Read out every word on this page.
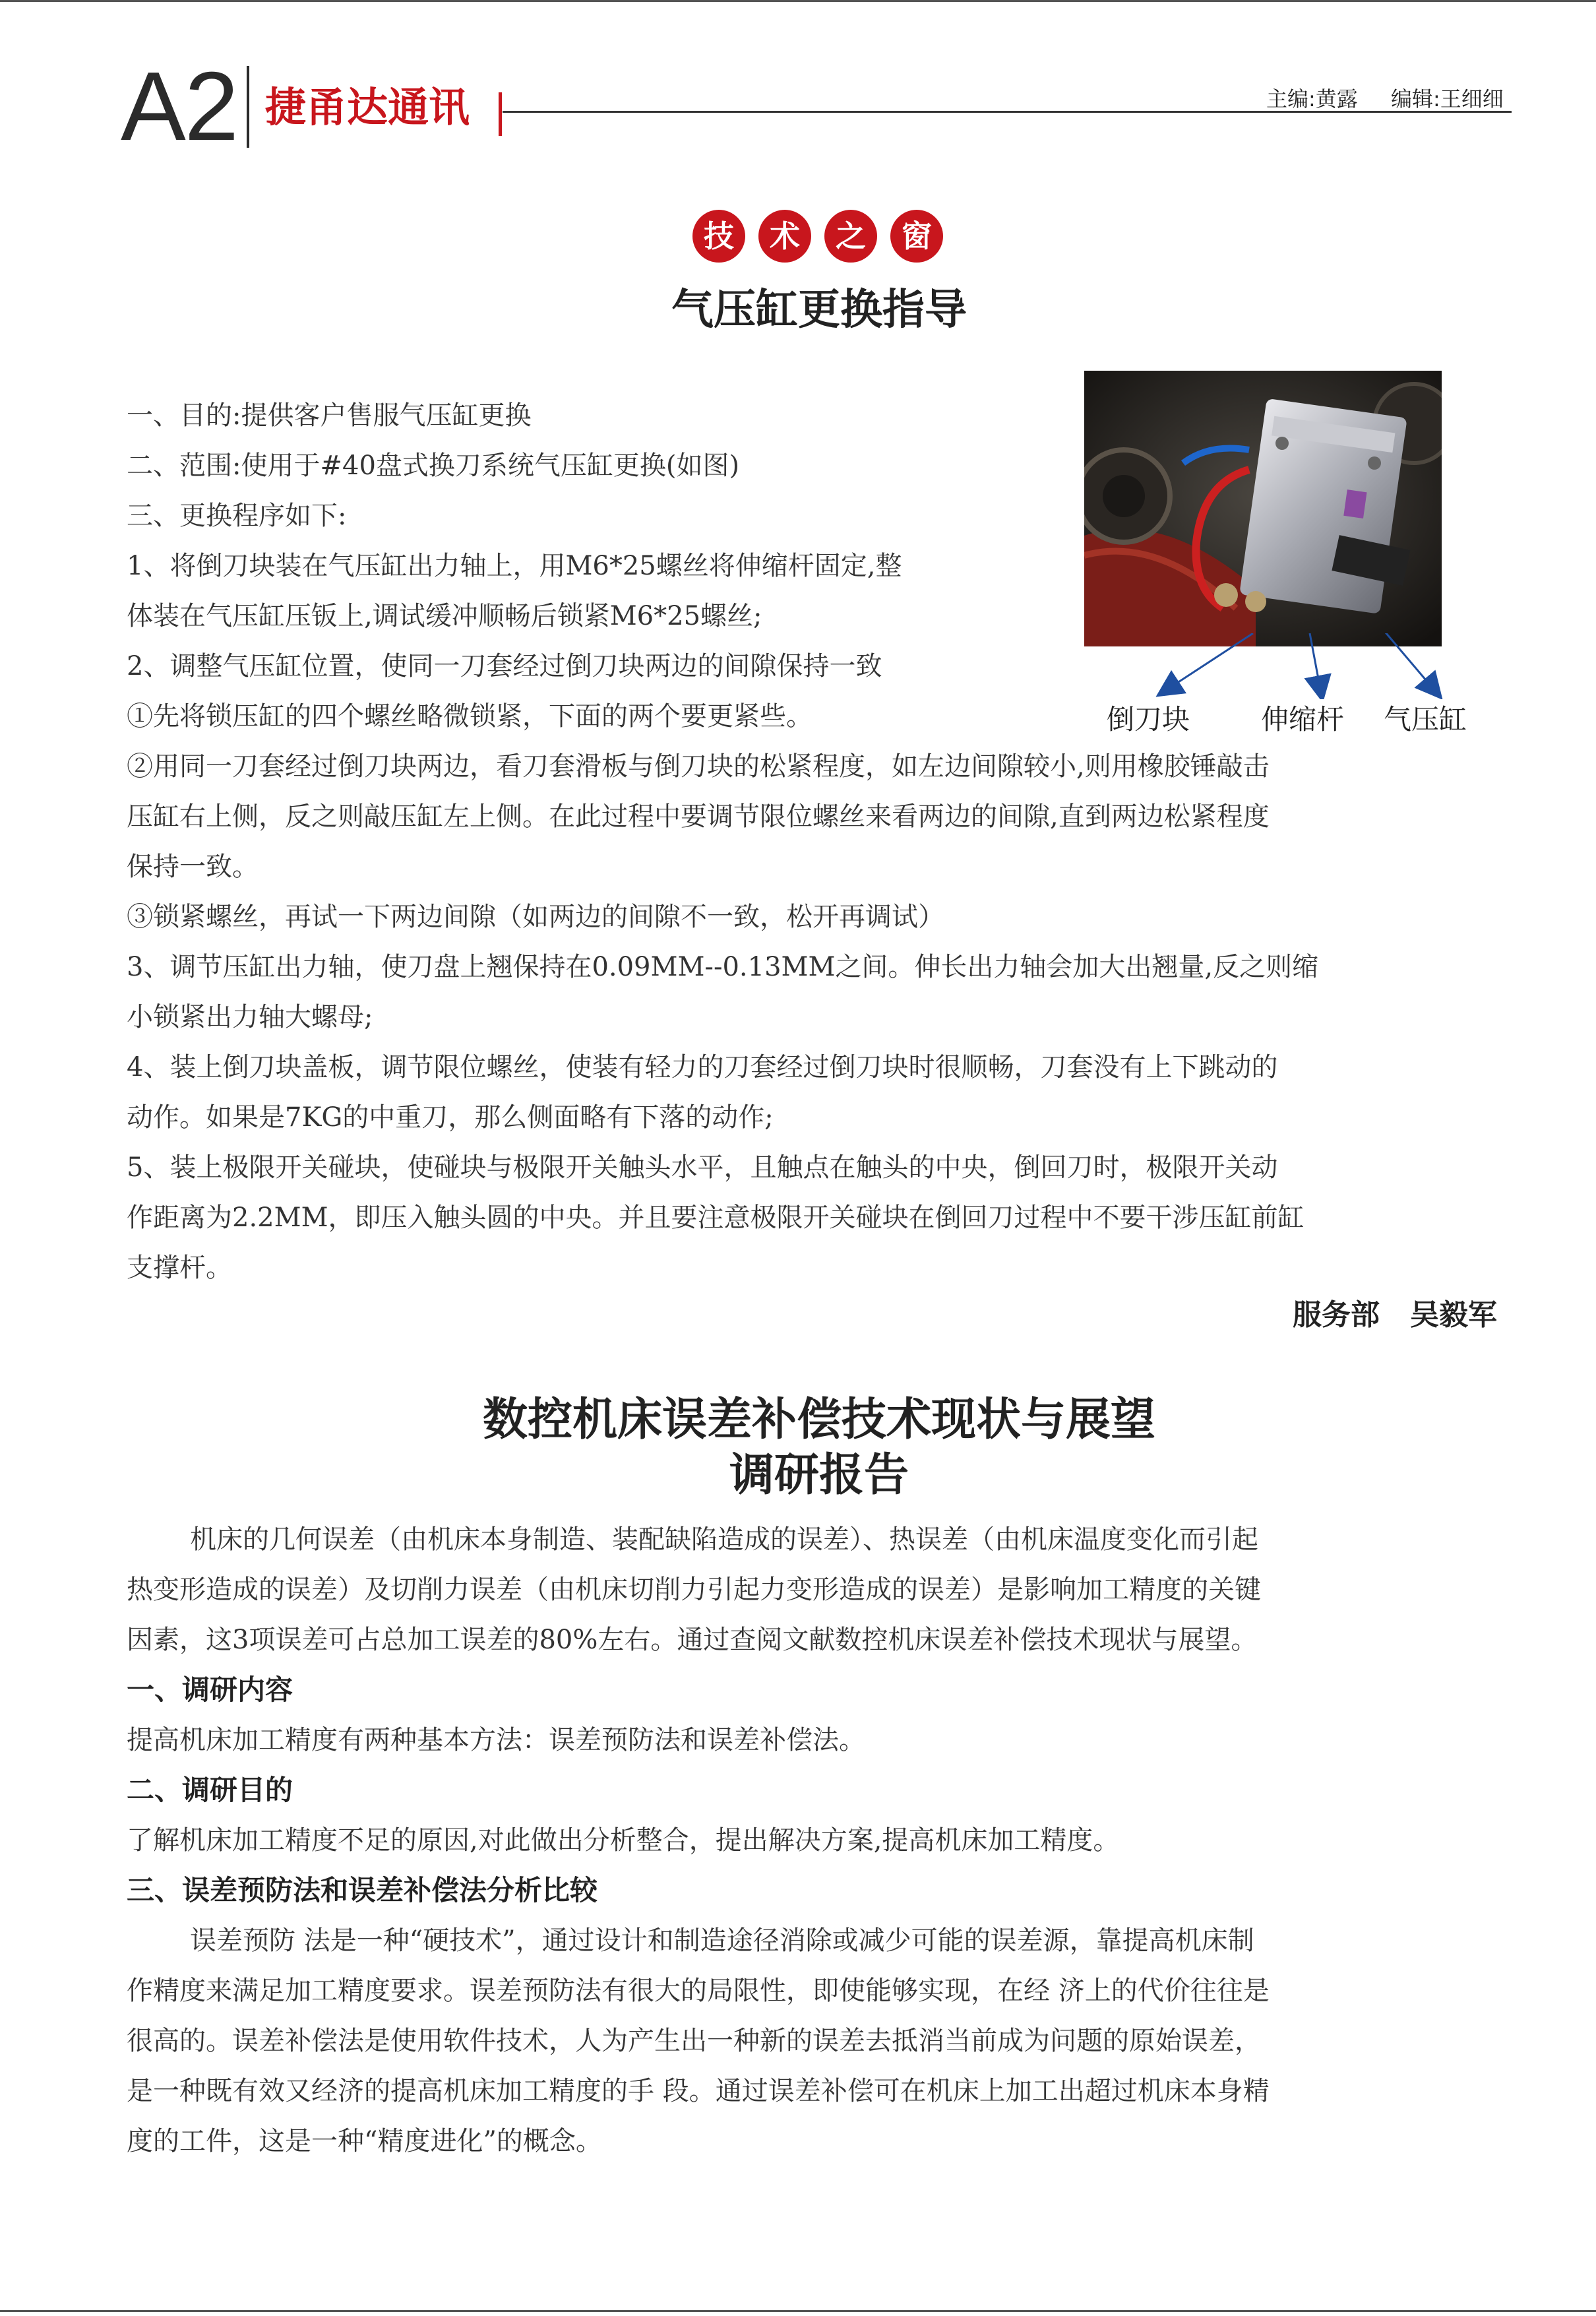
A2 捷甬达通讯	主编:黄露 编辑:王细细
技	术	之	窗
气压缸更换指导

一、目的:提供客户售服气压缸更换

二、范围:使用于#40盘式换刀系统气压缸更换(如图)

三、更换程序如下:

1、将倒刀块装在气压缸出力轴上，用M6*25螺丝将伸缩杆固定,整

体装在气压缸压钣上,调试缓冲顺畅后锁紧M6*25螺丝;

2、调整气压缸位置，使同一刀套经过倒刀块两边的间隙保持一致

①先将锁压缸的四个螺丝略微锁紧，下面的两个要更紧些。	倒刀块	伸缩杆 气压缸

②用同一刀套经过倒刀块两边，看刀套滑板与倒刀块的松紧程度，如左边间隙较小,则用橡胶锤敲击

压缸右上侧，反之则敲压缸左上侧。在此过程中要调节限位螺丝来看两边的间隙,直到两边松紧程度

保持一致。

③锁紧螺丝，再试一下两边间隙（如两边的间隙不一致，松开再调试）

3、调节压缸出力轴，使刀盘上翘保持在0.09MM--0.13MM之间。伸长出力轴会加大出翘量,反之则缩

小锁紧出力轴大螺母;

4、装上倒刀块盖板，调节限位螺丝，使装有轻力的刀套经过倒刀块时很顺畅，刀套没有上下跳动的

动作。如果是7KG的中重刀，那么侧面略有下落的动作;

5、装上极限开关碰块，使碰块与极限开关触头水平，且触点在触头的中央，倒回刀时，极限开关动

作距离为2.2MM，即压入触头圆的中央。并且要注意极限开关碰块在倒回刀过程中不要干涉压缸前缸

支撑杆。

服务部 吴毅军
数控机床误差补偿技术现状与展望
调研报告

机床的几何误差（由机床本身制造、装配缺陷造成的误差）、热误差（由机床温度变化而引起

热变形造成的误差）及切削力误差（由机床切削力引起力变形造成的误差）是影响加工精度的关键

因素，这3项误差可占总加工误差的80%左右。通过查阅文献数控机床误差补偿技术现状与展望。

一、调研内容

提高机床加工精度有两种基本方法：误差预防法和误差补偿法。

二、调研目的

了解机床加工精度不足的原因,对此做出分析整合，提出解决方案,提高机床加工精度。

三、误差预防法和误差补偿法分析比较

误差预防 法是一种“硬技术”，通过设计和制造途径消除或减少可能的误差源，靠提高机床制

作精度来满足加工精度要求。误差预防法有很大的局限性，即使能够实现，在经 济上的代价往往是

很高的。误差补偿法是使用软件技术，人为产生出一种新的误差去抵消当前成为问题的原始误差，

是一种既有效又经济的提高机床加工精度的手 段。通过误差补偿可在机床上加工出超过机床本身精

度的工件，这是一种“精度进化”的概念。
